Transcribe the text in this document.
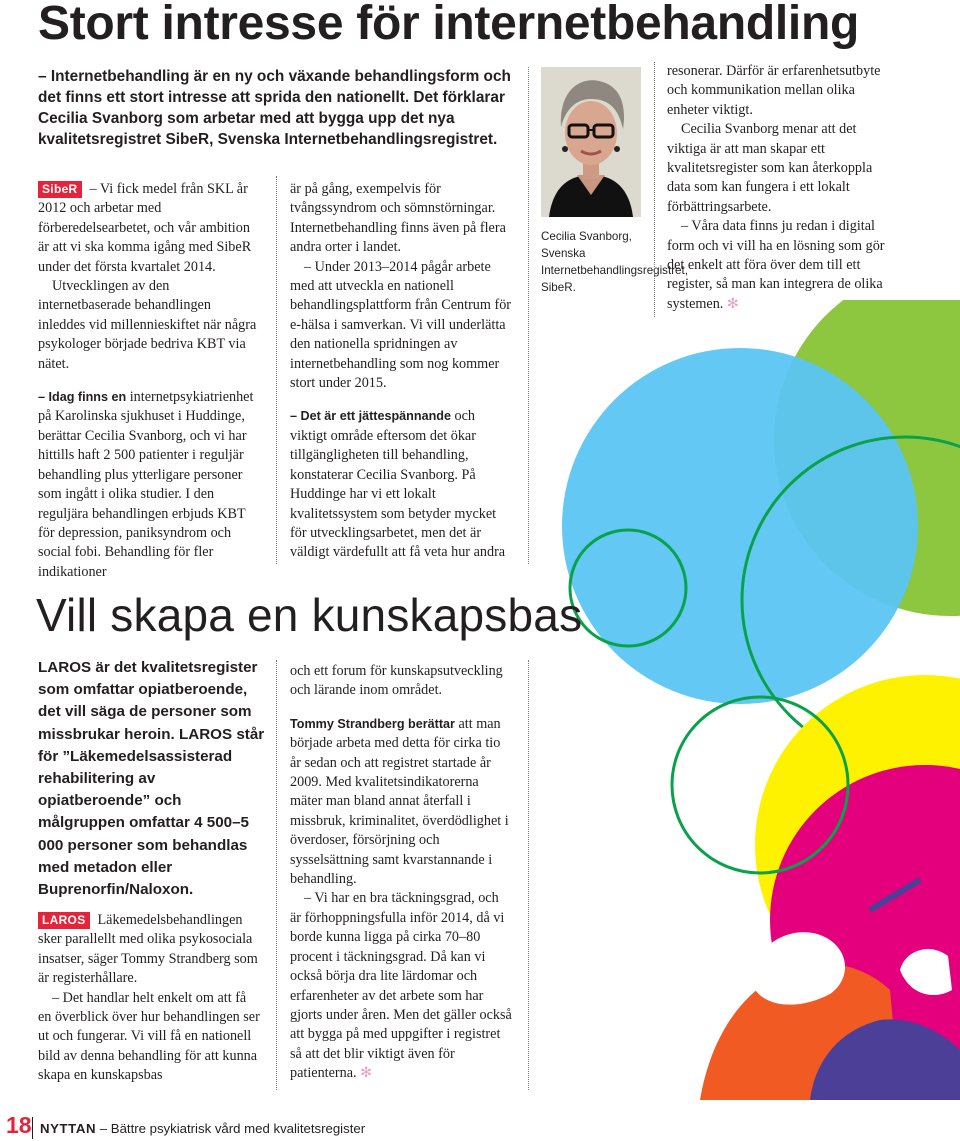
Stort intresse för internetbehandling
– Internetbehandling är en ny och växande behandlingsform och det finns ett stort intresse att sprida den nationellt. Det förklarar Cecilia Svanborg som arbetar med att bygga upp det nya kvalitetsregistret SibeR, Svenska Internetbehandlingsregistret.

SibeR – Vi fick medel från SKL år 2012 och arbetar med förberedelsearbetet, och vår ambition är att vi ska komma igång med SibeR under det första kvartalet 2014.

Utvecklingen av den internetbaserade behandlingen inleddes vid millennieskiftet när några psykologer började bedriva KBT via nätet.

– Idag finns en internetpsykiatrienhet på Karolinska sjukhuset i Huddinge, berättar Cecilia Svanborg, och vi har hittills haft 2 500 patienter i reguljär behandling plus ytterligare personer som ingått i olika studier. I den reguljära behandlingen erbjuds KBT för depression, paniksyndrom och social fobi. Behandling för fler indikationer

är på gång, exempelvis för tvångssyndrom och sömnstörningar. Internetbehandling finns även på flera andra orter i landet.

– Under 2013–2014 pågår arbete med att utveckla en nationell behandlingsplattform från Centrum för e-hälsa i samverkan. Vi vill underlätta den nationella spridningen av internetbehandling som nog kommer stort under 2015.

– Det är ett jättespännande och viktigt område eftersom det ökar tillgängligheten till behandling, konstaterar Cecilia Svanborg. På Huddinge har vi ett lokalt kvalitetssystem som betyder mycket för utvecklingsarbetet, men det är väldigt värdefullt att få veta hur andra

Cecilia Svanborg, Svenska Internetbehandlingsregistret, SibeR.

resonerar. Därför är erfarenhetsutbyte och kommunikation mellan olika enheter viktigt.

Cecilia Svanborg menar att det viktiga är att man skapar ett kvalitetsregister som kan återkoppla data som kan fungera i ett lokalt förbättringsarbete.

– Våra data finns ju redan i digital form och vi vill ha en lösning som gör det enkelt att föra över dem till ett register, så man kan integrera de olika systemen. ✻

Vill skapa en kunskapsbas
LAROS är det kvalitetsregister som omfattar opiatberoende, det vill säga de personer som missbrukar heroin. LAROS står för ”Läkemedelsassisterad rehabilitering av opiatberoende” och målgruppen omfattar 4 500–5 000 personer som behandlas med metadon eller Buprenorfin/Naloxon.

LAROS Läkemedelsbehandlingen sker parallellt med olika psykosociala insatser, säger Tommy Strandberg som är registerhållare.

– Det handlar helt enkelt om att få en överblick över hur behandlingen ser ut och fungerar. Vi vill få en nationell bild av denna behandling för att kunna skapa en kunskapsbas

och ett forum för kunskapsutveckling och lärande inom området.

Tommy Strandberg berättar att man började arbeta med detta för cirka tio år sedan och att registret startade år 2009. Med kvalitetsindikatorerna mäter man bland annat återfall i missbruk, kriminalitet, överdödlighet i överdoser, försörjning och sysselsättning samt kvarstannande i behandling.

– Vi har en bra täckningsgrad, och är förhoppningsfulla inför 2014, då vi borde kunna ligga på cirka 70–80 procent i täckningsgrad. Då kan vi också börja dra lite lärdomar och erfarenheter av det arbete som har gjorts under åren. Men det gäller också att bygga på med uppgifter i registret så att det blir viktigt även för patienterna. ✻

18 NYTTAN – Bättre psykiatrisk vård med kvalitetsregister
